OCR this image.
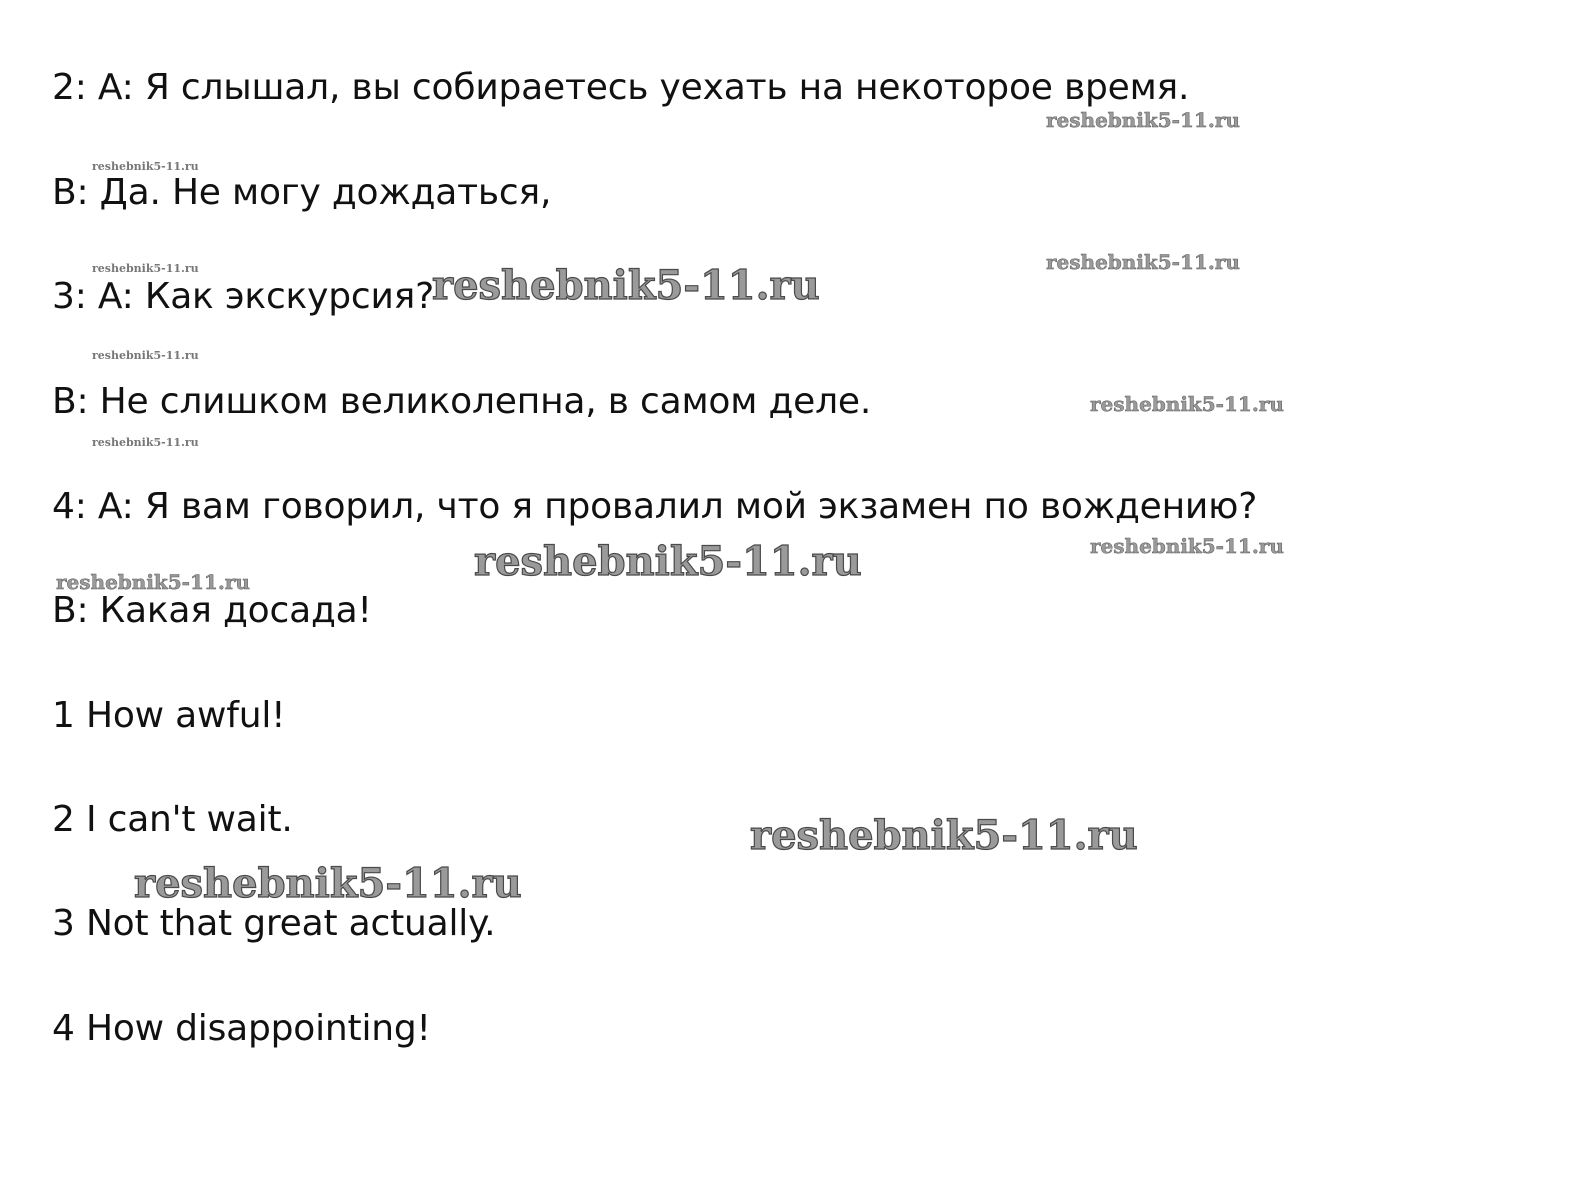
2: A: Я слышал, вы собираетесь уехать на некоторое время.
B: Да. Не могу дождаться,
3: A: Как экскурсия?
B: Не слишком великолепна, в самом деле.
4: A: Я вам говорил, что я провалил мой экзамен по вождению?
B: Какая досада!
1 How awful!
2 I can't wait.
3 Not that great actually.
4 How disappointing!
reshebnik5-11.ru
reshebnik5-11.ru
reshebnik5-11.ru	reshebnik5-11.ru
reshebnik5-11.ru
reshebnik5-11.ru
reshebnik5-11.ru
reshebnik5-11.ru
reshebnik5-11.ru
reshebnik5-11.ru
reshebnik5-11.ru
reshebnik5-11.ru
reshebnik5-11.ru
